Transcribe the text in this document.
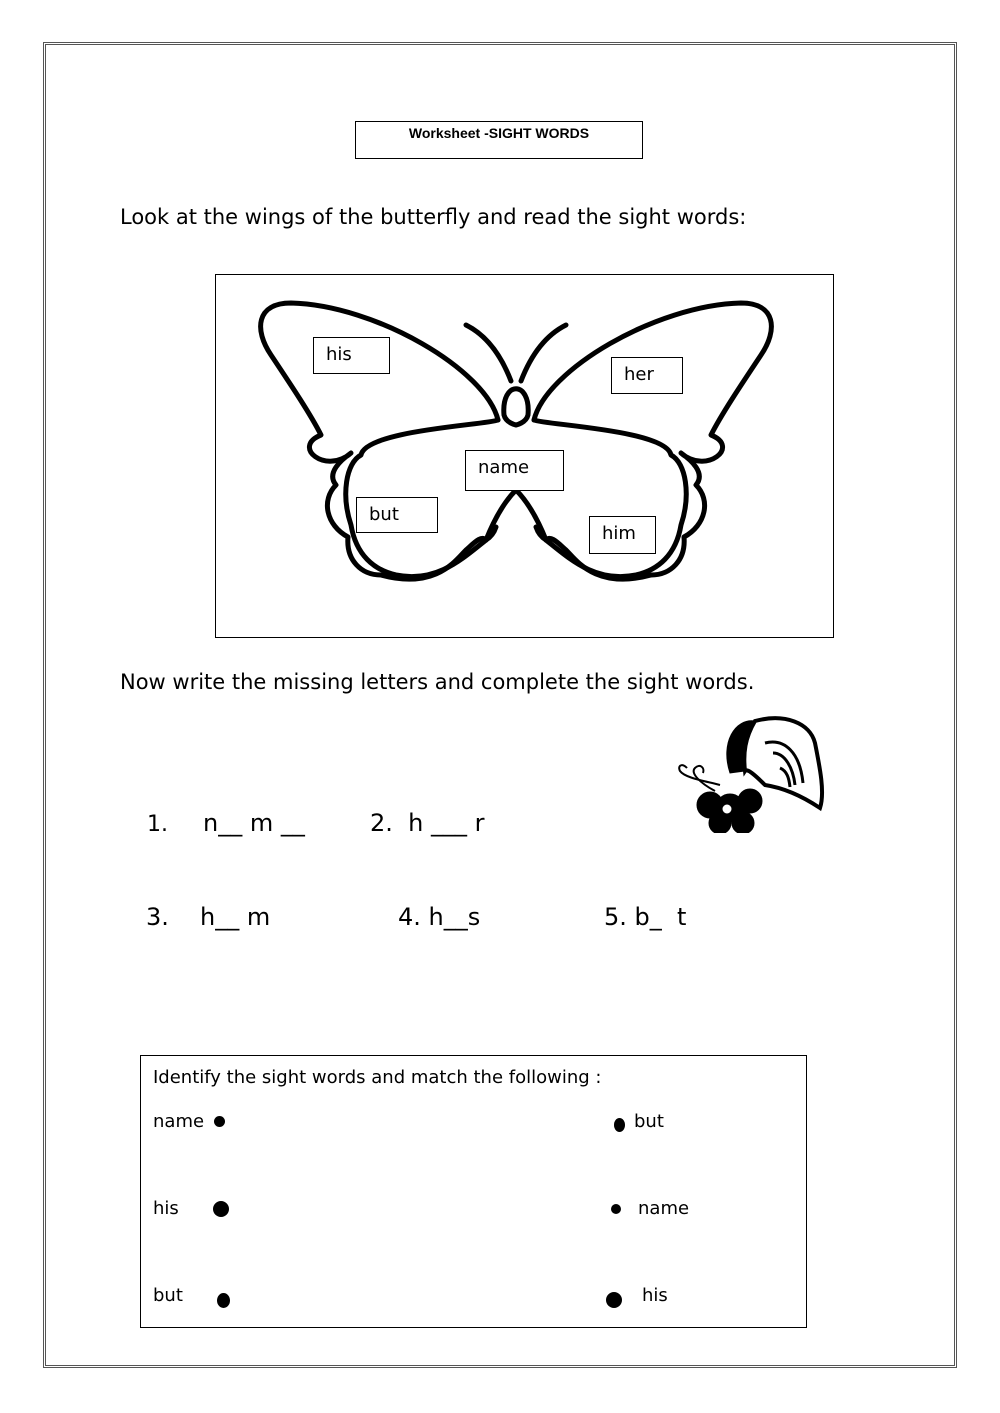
Worksheet -SIGHT WORDS
Look at the wings of the butterfly and read the sight words:
his
her
name
but
him
Now write the missing letters and complete the sight words.
1. n__ m __	2.  h ___ r
3. h__ m	4. h__s	5. b_  t
Identify the sight words and match the following :
name	but
his	name
but	his
